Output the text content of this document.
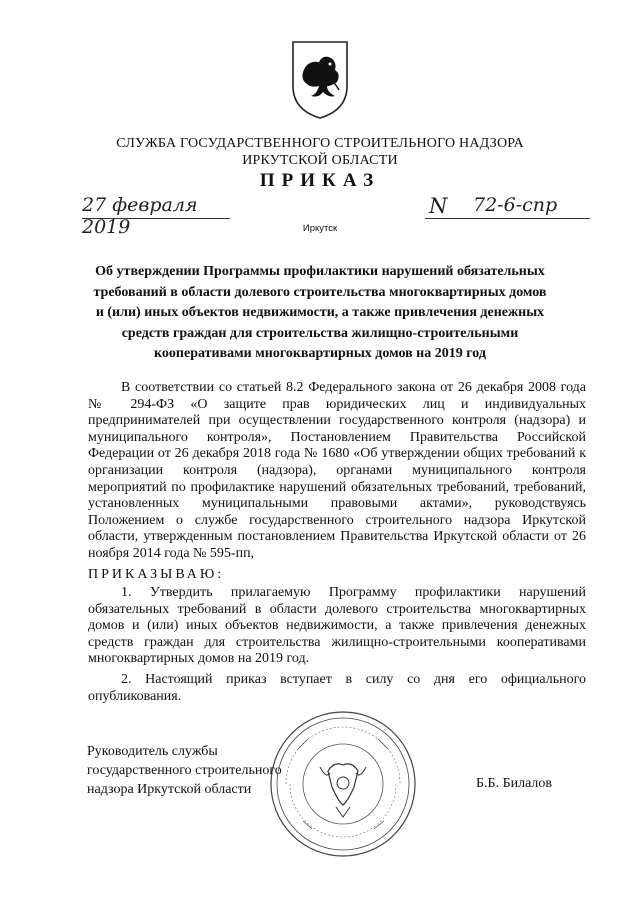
СЛУЖБА ГОСУДАРСТВЕННОГО СТРОИТЕЛЬНОГО НАДЗОРА
ИРКУТСКОЙ ОБЛАСТИ
ПРИКАЗ
27 февраля 2019
N 72-6-спр
Иркутск
Об утверждении Программы профилактики нарушений обязательных требований в области долевого строительства многоквартирных домов и (или) иных объектов недвижимости, а также привлечения денежных средств граждан для строительства жилищно-строительными кооперативами многоквартирных домов на 2019 год
В соответствии со статьей 8.2 Федерального закона от 26 декабря 2008 года № 294-ФЗ «О защите прав юридических лиц и индивидуальных предпринимателей при осуществлении государственного контроля (надзора) и муниципального контроля», Постановлением Правительства Российской Федерации от 26 декабря 2018 года № 1680 «Об утверждении общих требований к организации контроля (надзора), органами муниципального контроля мероприятий по профилактике нарушений обязательных требований, требований, установленных муниципальными правовыми актами», руководствуясь Положением о службе государственного строительного надзора Иркутской области, утвержденным постановлением Правительства Иркутской области от 26 ноября 2014 года № 595-пп,
ПРИКАЗЫВАЮ:
1. Утвердить прилагаемую Программу профилактики нарушений обязательных требований в области долевого строительства многоквартирных домов и (или) иных объектов недвижимости, а также привлечения денежных средств граждан для строительства жилищно-строительными кооперативами многоквартирных домов на 2019 год.
2. Настоящий приказ вступает в силу со дня его официального опубликования.
Руководитель службы
государственного строительного
надзора Иркутской области	Б.Б. Билалов
